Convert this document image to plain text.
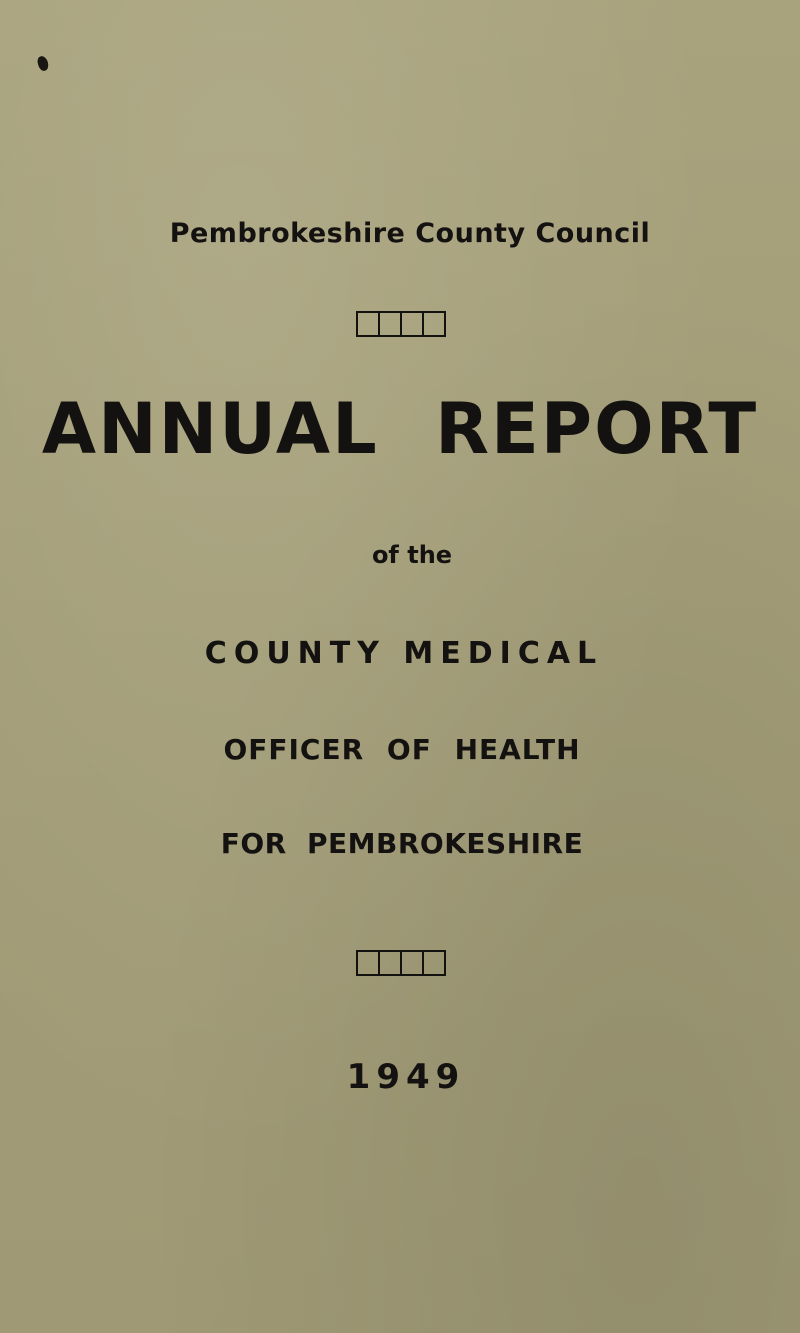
Pembrokeshire County Council
ANNUAL REPORT
of the
COUNTY MEDICAL
OFFICER OF HEALTH
FOR PEMBROKESHIRE
1949
